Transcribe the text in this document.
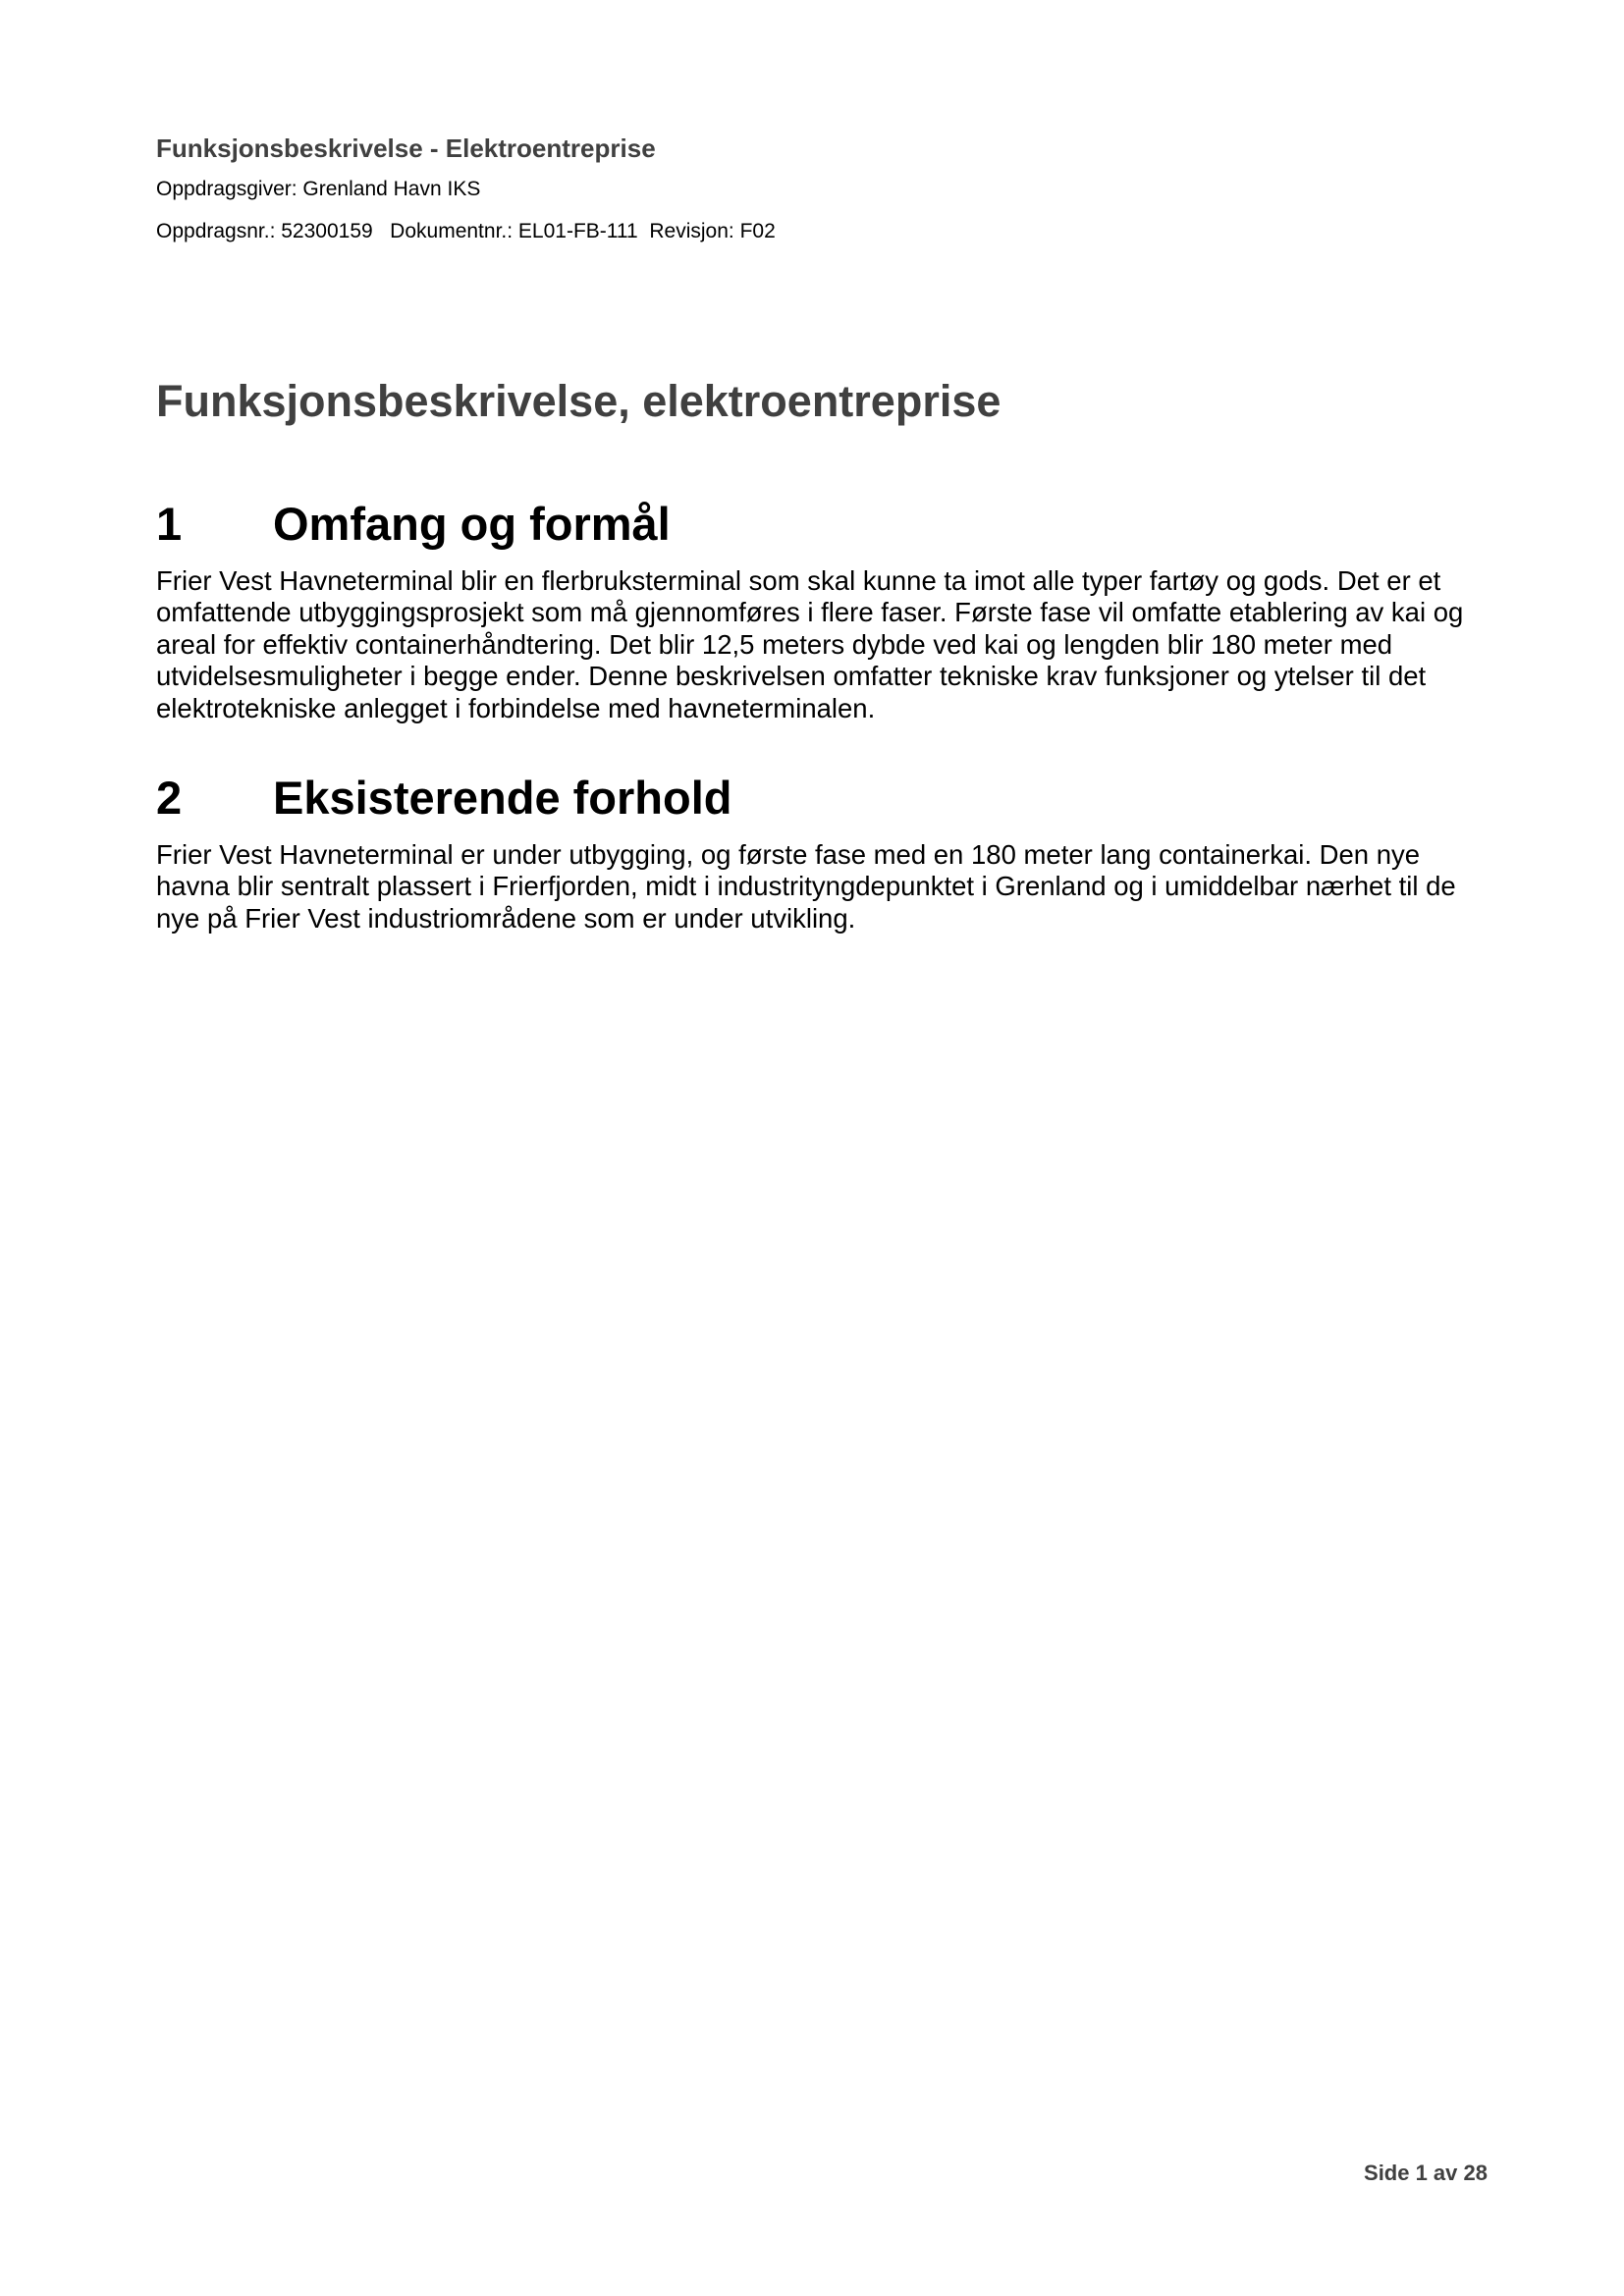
Funksjonsbeskrivelse - Elektroentreprise

Oppdragsgiver: Grenland Havn IKS

Oppdragsnr.: 52300159   Dokumentnr.: EL01-FB-111  Revisjon: F02

Funksjonsbeskrivelse, elektroentreprise
1	Omfang og formål

Frier Vest Havneterminal blir en flerbruksterminal som skal kunne ta imot alle typer fartøy og gods. Det er et omfattende utbyggingsprosjekt som må gjennomføres i flere faser. Første fase vil omfatte etablering av kai og areal for effektiv containerhåndtering. Det blir 12,5 meters dybde ved kai og lengden blir 180 meter med utvidelsesmuligheter i begge ender. Denne beskrivelsen omfatter tekniske krav funksjoner og ytelser til det elektrotekniske anlegget i forbindelse med havneterminalen.

2	Eksisterende forhold

Frier Vest Havneterminal er under utbygging, og første fase med en 180 meter lang containerkai. Den nye havna blir sentralt plassert i Frierfjorden, midt i industrityngdepunktet i Grenland og i umiddelbar nærhet til de nye på Frier Vest industriområdene som er under utvikling.

Side 1 av 28
